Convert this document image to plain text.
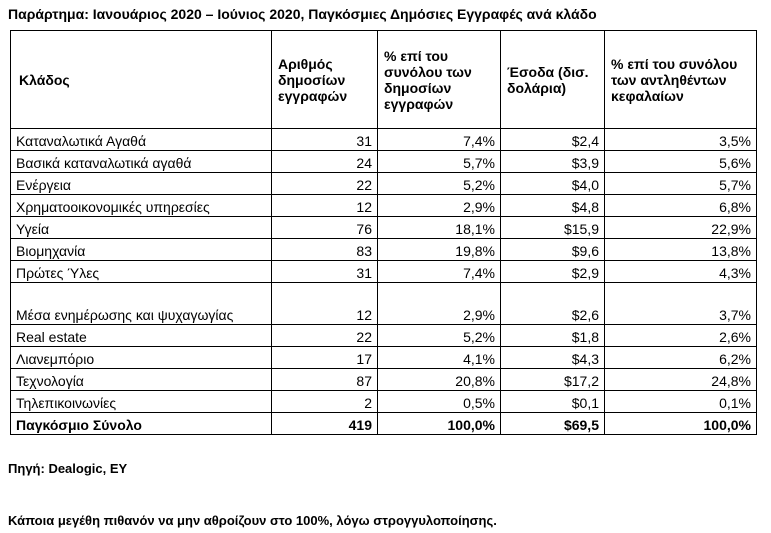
Παράρτημα: Ιανουάριος 2020 – Ιούνιος 2020, Παγκόσμιες Δημόσιες Εγγραφές ανά κλάδο
Κλάδος	Αριθμός δημοσίων εγγραφών	% επί του συνόλου των δημοσίων εγγραφών	Έσοδα (δισ. δολάρια)	% επί του συνόλου των αντληθέντων κεφαλαίων
Καταναλωτικά Αγαθά	31	7,4%	$2,4	3,5%
Βασικά καταναλωτικά αγαθά	24	5,7%	$3,9	5,6%
Ενέργεια	22	5,2%	$4,0	5,7%
Χρηματοοικονομικές υπηρεσίες	12	2,9%	$4,8	6,8%
Υγεία	76	18,1%	$15,9	22,9%
Βιομηχανία	83	19,8%	$9,6	13,8%
Πρώτες Ύλες	31	7,4%	$2,9	4,3%
Μέσα ενημέρωσης και ψυχαγωγίας	12	2,9%	$2,6	3,7%
Real estate	22	5,2%	$1,8	2,6%
Λιανεμπόριο	17	4,1%	$4,3	6,2%
Τεχνολογία	87	20,8%	$17,2	24,8%
Τηλεπικοινωνίες	2	0,5%	$0,1	0,1%
Παγκόσμιο Σύνολο	419	100,0%	$69,5	100,0%
Πηγή: Dealogic, EY
Κάποια μεγέθη πιθανόν να μην αθροίζουν στο 100%, λόγω στρογγυλοποίησης.
